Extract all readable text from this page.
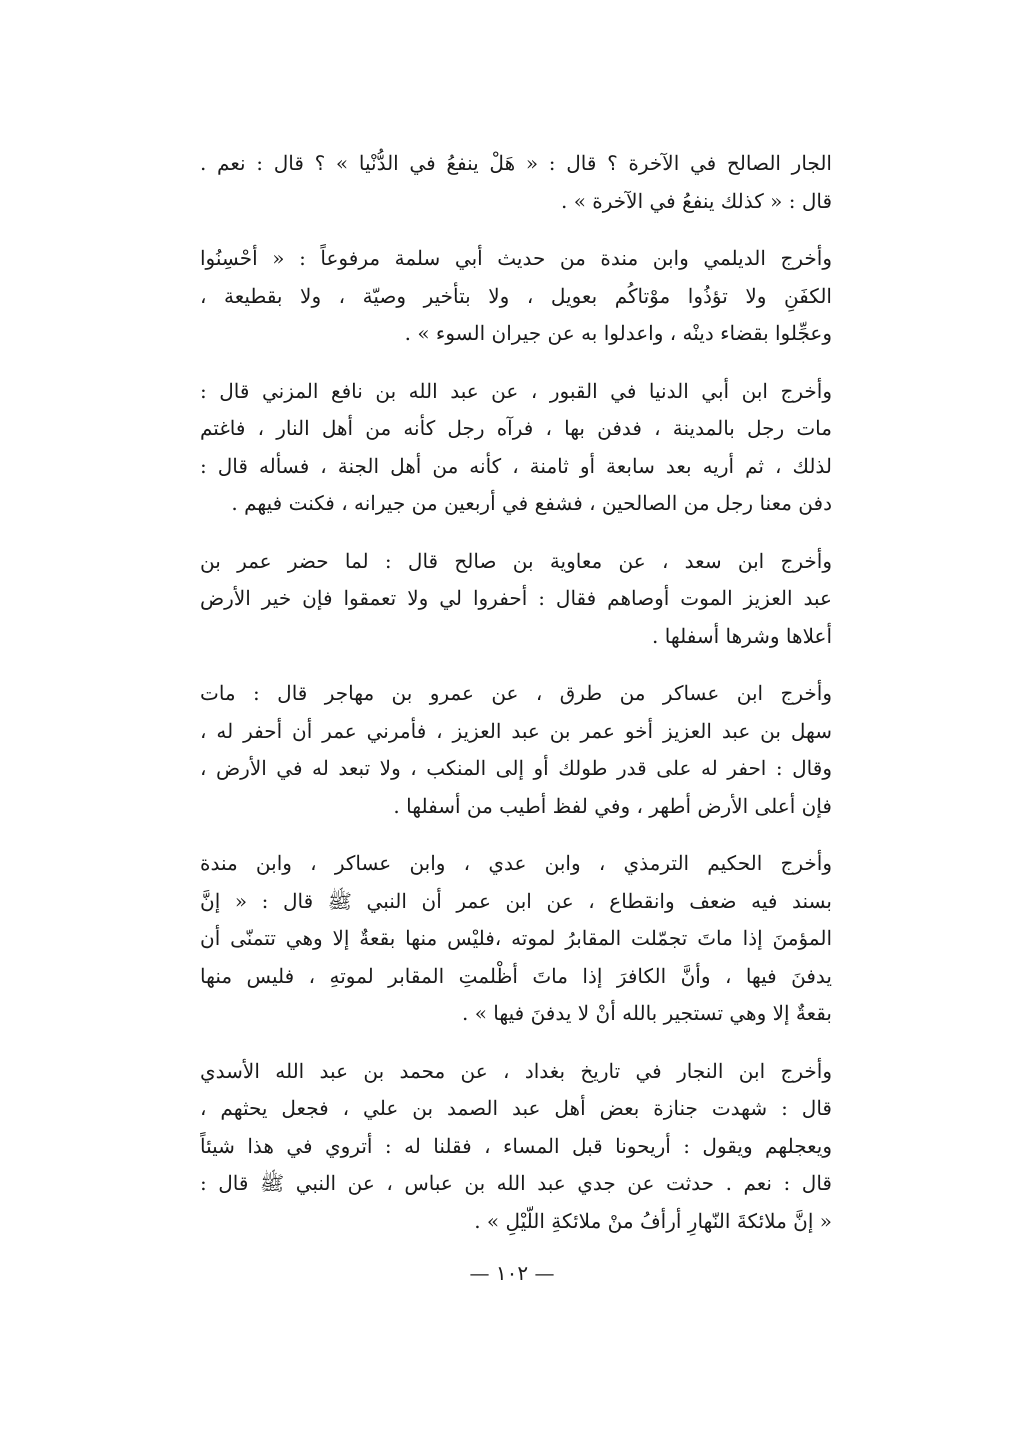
الجار الصالح في الآخرة ؟ قال : « هَلْ ينفعُ في الدُّنْيا » ؟ قال : نعم .
قال : « كذلك ينفعُ في الآخرة » .
وأخرج الديلمي وابن مندة من حديث أبي سلمة مرفوعاً : « أحْسِنُوا
الكفَنِ ولا تؤذُوا موْتاكُم بعويل ، ولا بتأخير وصيّة ، ولا بقطيعة ،
وعجِّلوا بقضاء دينْه ، واعدلوا به عن جيران السوء » .
وأخرج ابن أبي الدنيا في القبور ، عن عبد الله بن نافع المزني قال :
مات رجل بالمدينة ، فدفن بها ، فرآه رجل كأنه من أهل النار ، فاغتم
لذلك ، ثم أريه بعد سابعة أو ثامنة ، كأنه من أهل الجنة ، فسأله قال :
دفن معنا رجل من الصالحين ، فشفع في أربعين من جيرانه ، فكنت فيهم .
وأخرج ابن سعد ، عن معاوية بن صالح قال : لما حضر عمر بن
عبد العزيز الموت أوصاهم فقال : أحفروا لي ولا تعمقوا فإن خير الأرض
أعلاها وشرها أسفلها .
وأخرج ابن عساكر من طرق ، عن عمرو بن مهاجر قال : مات
سهل بن عبد العزيز أخو عمر بن عبد العزيز ، فأمرني عمر أن أحفر له ،
وقال : احفر له على قدر طولك أو إلى المنكب ، ولا تبعد له في الأرض ،
فإن أعلى الأرض أطهر ، وفي لفظ أطيب من أسفلها .
وأخرج الحكيم الترمذي ، وابن عدي ، وابن عساكر ، وابن مندة
بسند فيه ضعف وانقطاع ، عن ابن عمر أن النبي ﷺ قال : « إنَّ
المؤمنَ إذا ماتَ تجمّلت المقابرُ لموته ،فليْس منها بقعةٌ إلا وهي تتمنّى أن
يدفنَ فيها ، وأنَّ الكافرَ إذا ماتَ أظْلمتِ المقابر لموتهِ ، فليس منها
بقعةٌ إلا وهي تستجير بالله أنْ لا يدفنَ فيها » .
وأخرج ابن النجار في تاريخ بغداد ، عن محمد بن عبد الله الأسدي
قال : شهدت جنازة بعض أهل عبد الصمد بن علي ، فجعل يحثهم ،
ويعجلهم ويقول : أريحونا قبل المساء ، فقلنا له : أتروي في هذا شيئاً
قال : نعم . حدثت عن جدي عبد الله بن عباس ، عن النبي ﷺ قال :
« إنَّ ملائكةَ النّهارِ أرأفُ منْ ملائكةِ اللّيْلِ » .
— ١٠٢ —
